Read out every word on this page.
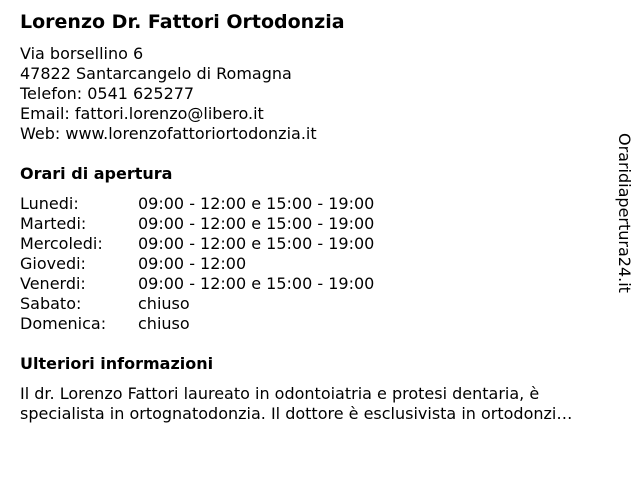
Lorenzo Dr. Fattori Ortodonzia
Via borsellino 6
47822 Santarcangelo di Romagna
Telefon: 0541 625277
Email: fattori.lorenzo@libero.it
Web: www.lorenzofattoriortodonzia.it
Orari di apertura
Lunedi:	09:00 - 12:00 e 15:00 - 19:00
Martedi:	09:00 - 12:00 e 15:00 - 19:00
Mercoledi: 09:00 - 12:00 e 15:00 - 19:00
Giovedi:	09:00 - 12:00
Venerdi:	09:00 - 12:00 e 15:00 - 19:00
Sabato:	chiuso
Domenica: chiuso
Ulteriori informazioni
Il dr. Lorenzo Fattori laureato in odontoiatria e protesi dentaria, è
specialista in ortognatodonzia. Il dottore è esclusivista in ortodonzi…
Oraridiapertura24.it
